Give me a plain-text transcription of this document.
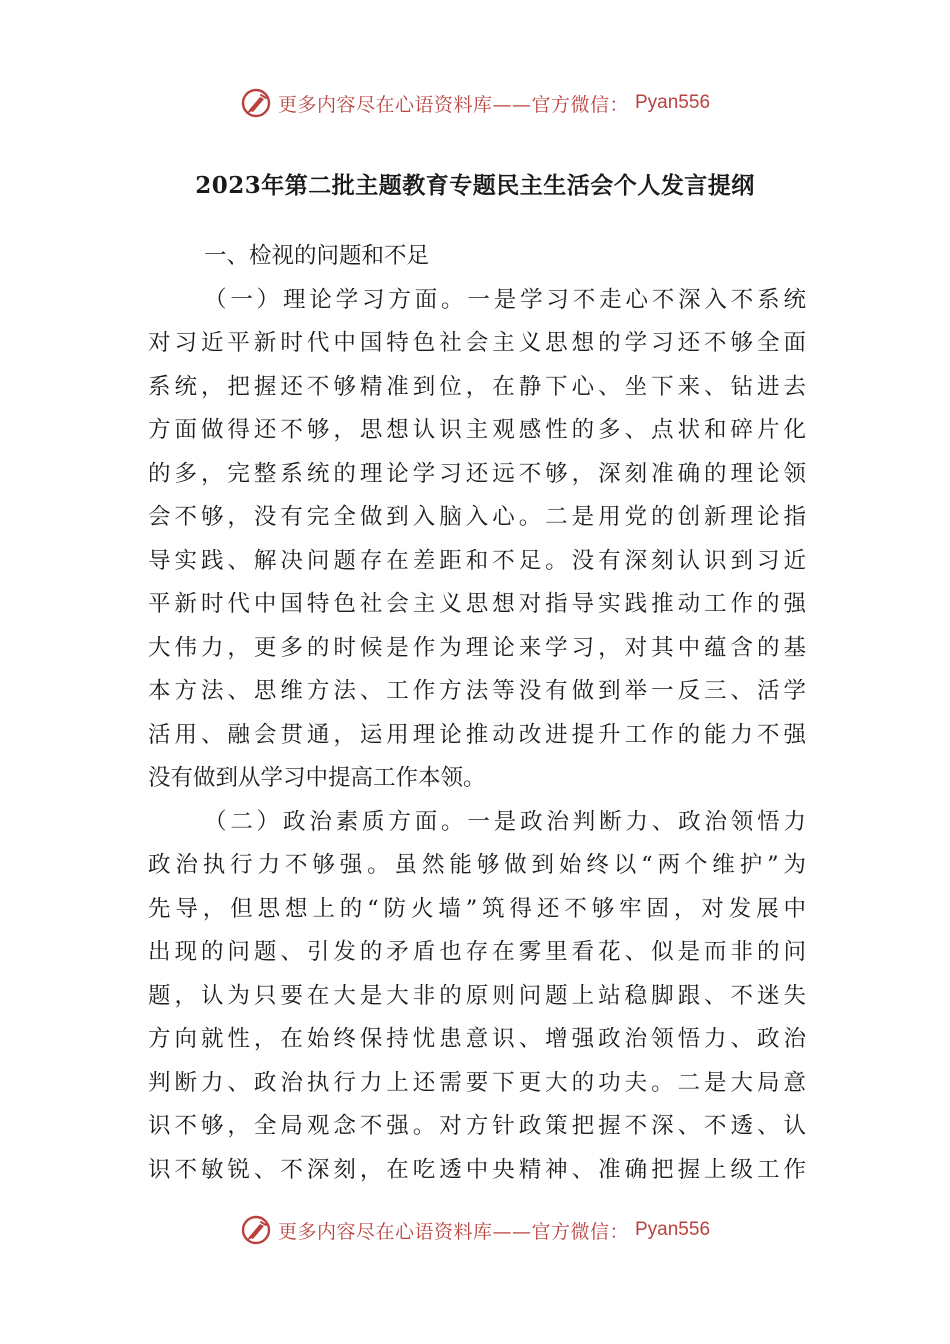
更多内容尽在心语资料库——官方微信： Pyan556
2023年第二批主题教育专题民主生活会个人发言提纲
一、检视的问题和不足
（一）理论学习方面。一是学习不走心不深入不系统
对习近平新时代中国特色社会主义思想的学习还不够全面
系统，把握还不够精准到位，在静下心、坐下来、钻进去
方面做得还不够，思想认识主观感性的多、点状和碎片化
的多，完整系统的理论学习还远不够，深刻准确的理论领
会不够，没有完全做到入脑入心。二是用党的创新理论指
导实践、解决问题存在差距和不足。没有深刻认识到习近
平新时代中国特色社会主义思想对指导实践推动工作的强
大伟力，更多的时候是作为理论来学习，对其中蕴含的基
本方法、思维方法、工作方法等没有做到举一反三、活学
活用、融会贯通，运用理论推动改进提升工作的能力不强
没有做到从学习中提高工作本领。
（二）政治素质方面。一是政治判断力、政治领悟力
政治执行力不够强。虽然能够做到始终以“两个维护”为
先导，但思想上的“防火墙”筑得还不够牢固，对发展中
出现的问题、引发的矛盾也存在雾里看花、似是而非的问
题，认为只要在大是大非的原则问题上站稳脚跟、不迷失
方向就性，在始终保持忧患意识、增强政治领悟力、政治
判断力、政治执行力上还需要下更大的功夫。二是大局意
识不够，全局观念不强。对方针政策把握不深、不透、认
识不敏锐、不深刻，在吃透中央精神、准确把握上级工作
更多内容尽在心语资料库——官方微信： Pyan556
